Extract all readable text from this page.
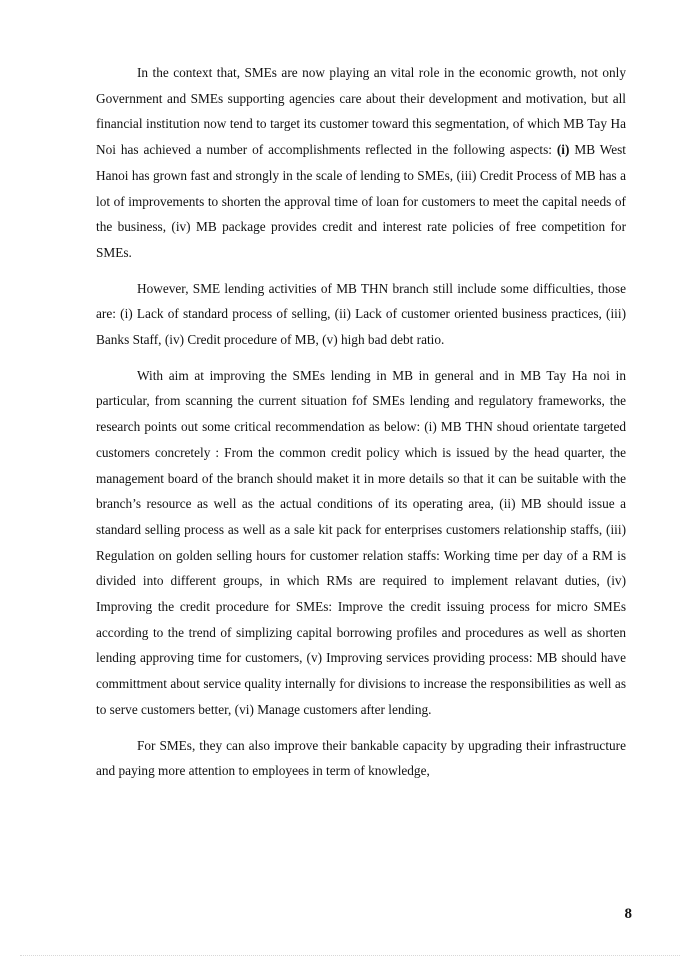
In the context that, SMEs are now playing an vital role in the economic growth, not only Government and SMEs supporting agencies care about their development and motivation, but all financial institution now tend to target its customer toward this segmentation, of which MB Tay Ha Noi has achieved a number of accomplishments reflected in the following aspects: (i) MB West Hanoi has grown fast and strongly in the scale of lending to SMEs, (iii) Credit Process of MB has a lot of improvements to shorten the approval time of loan for customers to meet the capital needs of the business, (iv) MB package provides credit and interest rate policies of free competition for SMEs.

However, SME lending activities of MB THN branch still include some difficulties, those are: (i) Lack of standard process of selling, (ii) Lack of customer oriented business practices, (iii) Banks Staff, (iv) Credit procedure of MB, (v) high bad debt ratio.

With aim at improving the SMEs lending in MB in general and in MB Tay Ha noi in particular, from scanning the current situation fof SMEs lending and regulatory frameworks, the research points out some critical recommendation as below: (i) MB THN shoud orientate targeted customers concretely : From the common credit policy which is issued by the head quarter, the management board of the branch should maket it in more details so that it can be suitable with the branch’s resource as well as the actual conditions of its operating area, (ii) MB should issue a standard selling process as well as a sale kit pack for enterprises customers relationship staffs, (iii) Regulation on golden selling hours for customer relation staffs: Working time per day of a RM is divided into different groups, in which RMs are required to implement relavant duties, (iv) Improving the credit procedure for SMEs: Improve the credit issuing process for micro SMEs according to the trend of simplizing capital borrowing profiles and procedures as well as shorten lending approving time for customers, (v) Improving services providing process: MB should have committment about service quality internally for divisions to increase the responsibilities as well as to serve customers better, (vi) Manage customers after lending.

For SMEs, they can also improve their bankable capacity by upgrading their infrastructure and paying more attention to employees in term of knowledge,

8
